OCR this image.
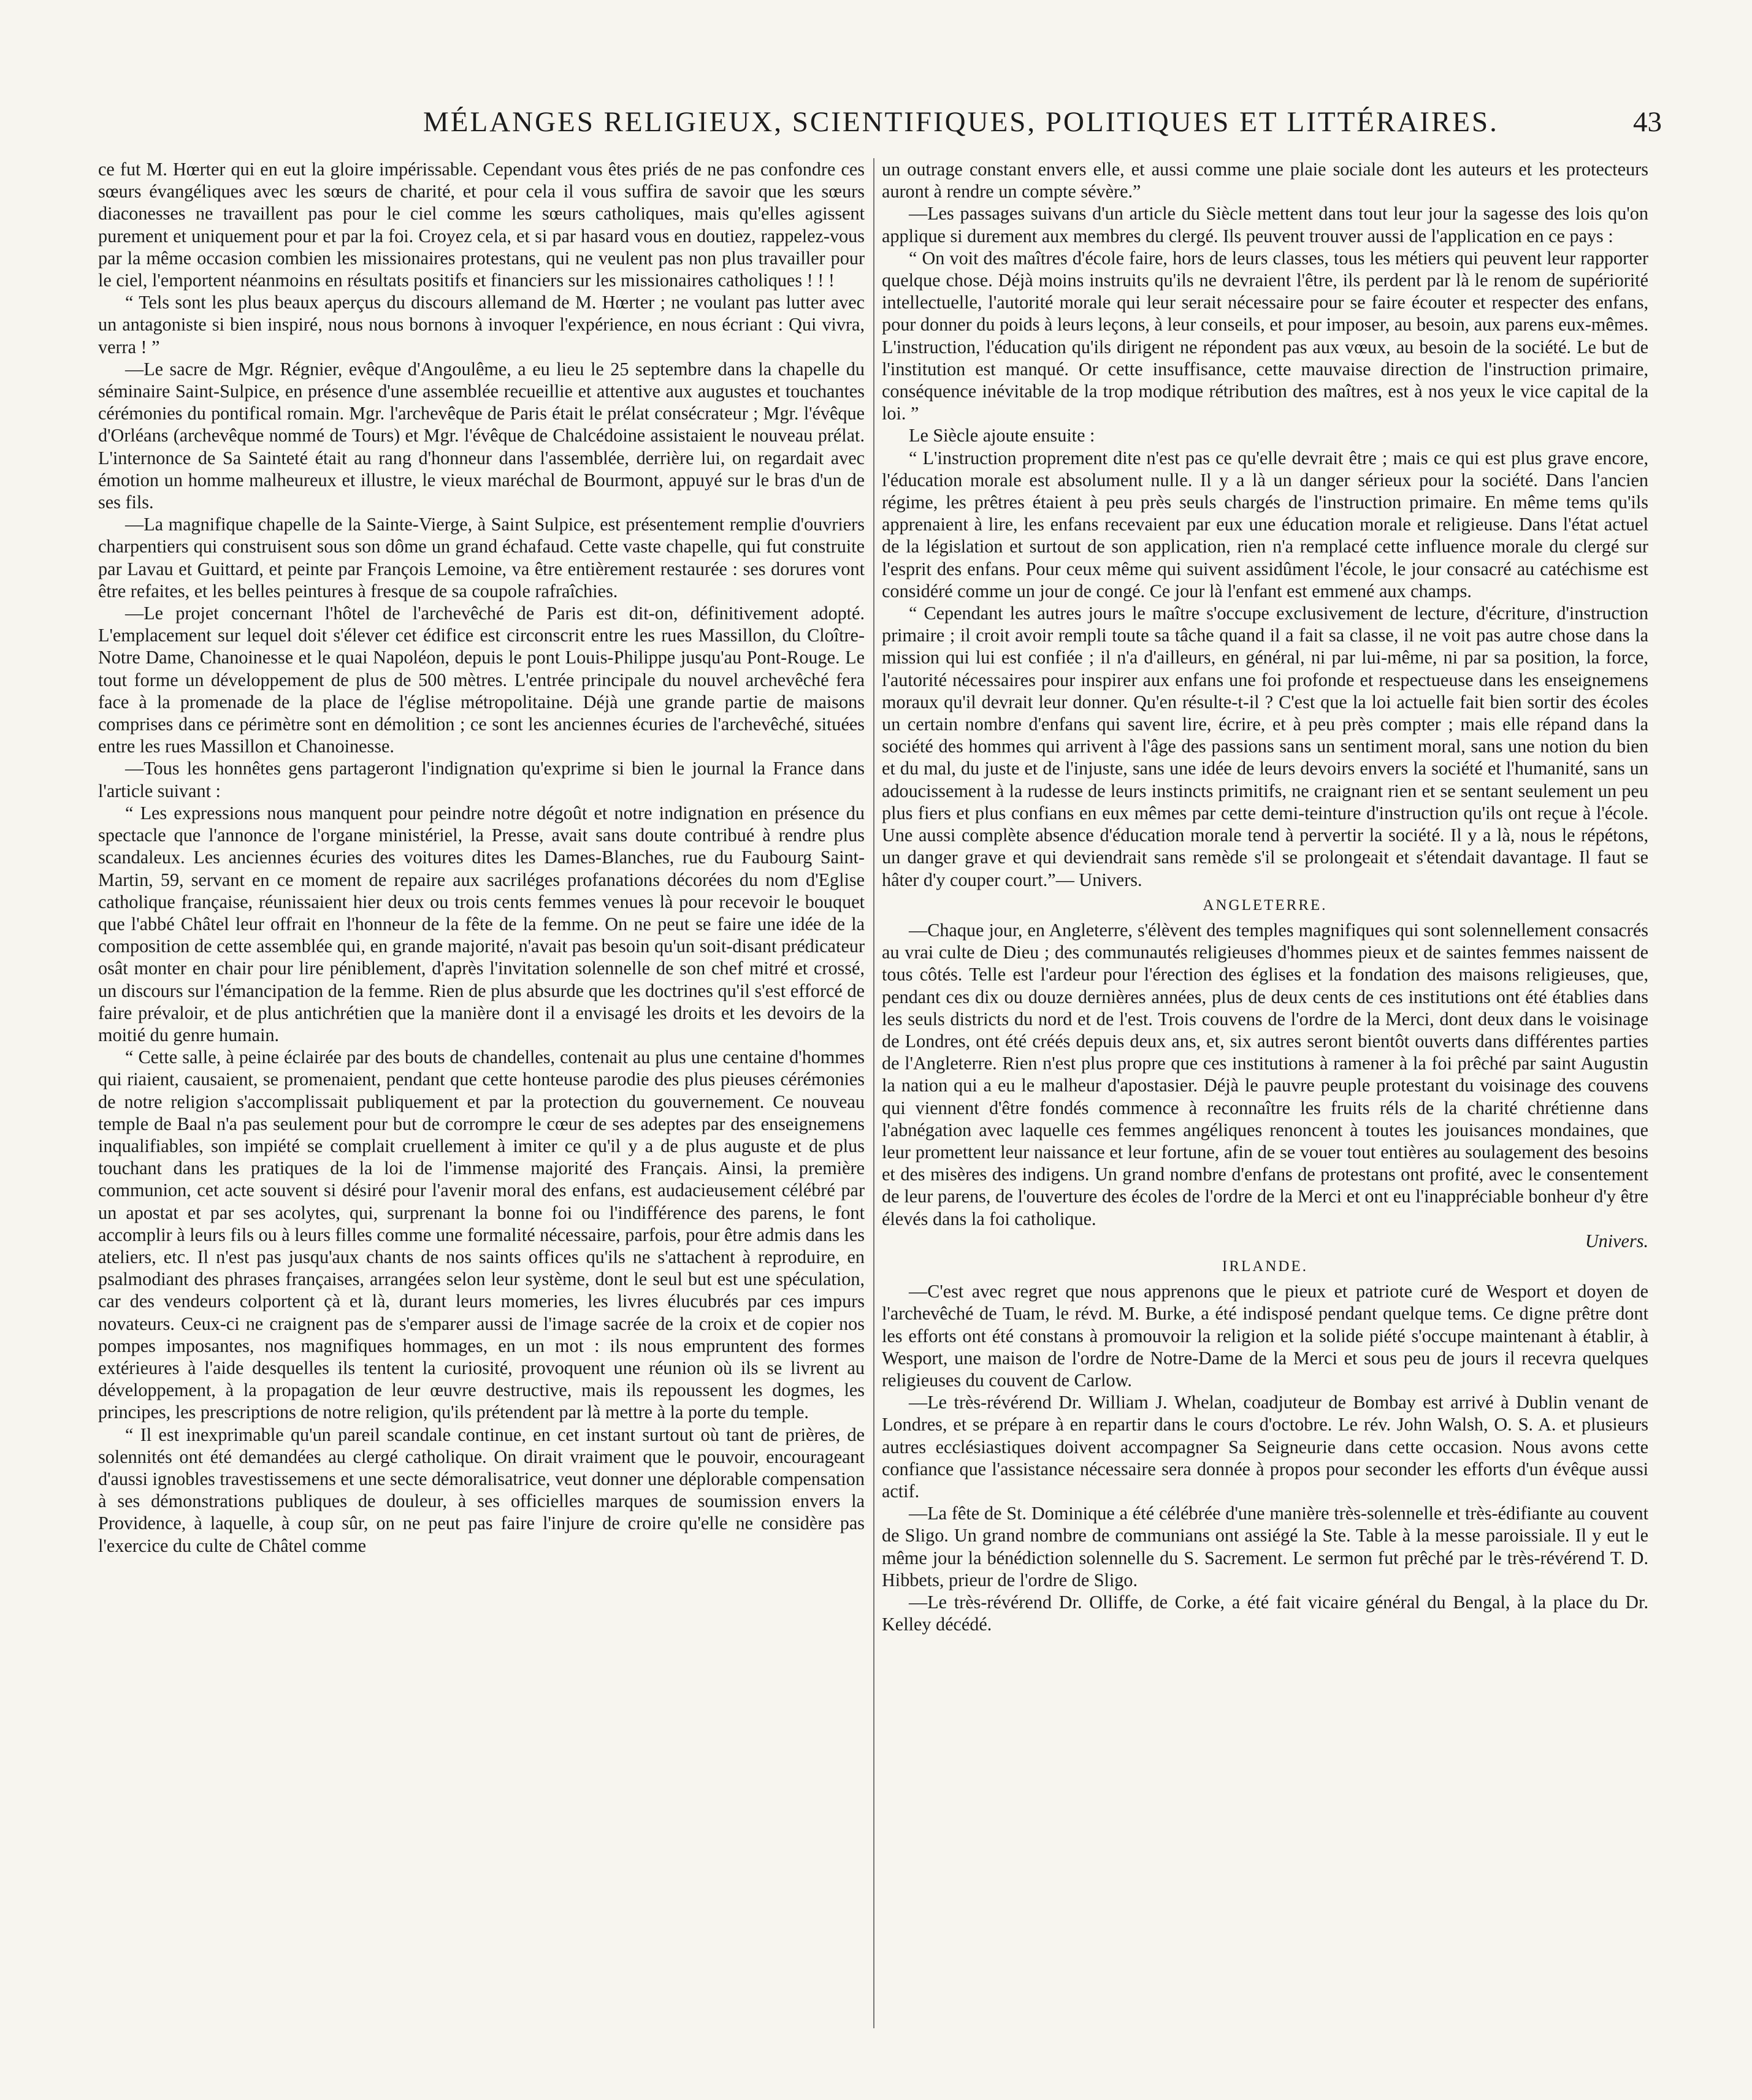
MÉLANGES RELIGIEUX, SCIENTIFIQUES, POLITIQUES ET LITTÉRAIRES.	43

ce fut M. Hœrter qui en eut la gloire impérissable. Cependant vous êtes priés de ne pas confondre ces sœurs évangéliques avec les sœurs de charité, et pour cela il vous suffira de savoir que les sœurs diaconesses ne travaillent pas pour le ciel comme les sœurs catholiques, mais qu'elles agissent purement et uniquement pour et par la foi. Croyez cela, et si par hasard vous en doutiez, rappelez-vous par la même occasion combien les missionaires protestans, qui ne veulent pas non plus travailler pour le ciel, l'emportent néanmoins en résultats positifs et financiers sur les missionaires catholiques ! ! !

“ Tels sont les plus beaux aperçus du discours allemand de M. Hœrter ; ne voulant pas lutter avec un antagoniste si bien inspiré, nous nous bornons à invoquer l'expérience, en nous écriant : Qui vivra, verra ! ”

—Le sacre de Mgr. Régnier, evêque d'Angoulême, a eu lieu le 25 septembre dans la chapelle du séminaire Saint-Sulpice, en présence d'une assemblée recueillie et attentive aux augustes et touchantes cérémonies du pontifical romain. Mgr. l'archevêque de Paris était le prélat consécrateur ; Mgr. l'évêque d'Orléans (archevêque nommé de Tours) et Mgr. l'évêque de Chalcédoine assistaient le nouveau prélat. L'internonce de Sa Sainteté était au rang d'honneur dans l'assemblée, derrière lui, on regardait avec émotion un homme malheureux et illustre, le vieux maréchal de Bourmont, appuyé sur le bras d'un de ses fils.

—La magnifique chapelle de la Sainte-Vierge, à Saint Sulpice, est présentement remplie d'ouvriers charpentiers qui construisent sous son dôme un grand échafaud. Cette vaste chapelle, qui fut construite par Lavau et Guittard, et peinte par François Lemoine, va être entièrement restaurée : ses dorures vont être refaites, et les belles peintures à fresque de sa coupole rafraîchies.

—Le projet concernant l'hôtel de l'archevêché de Paris est dit-on, définitivement adopté. L'emplacement sur lequel doit s'élever cet édifice est circonscrit entre les rues Massillon, du Cloître-Notre Dame, Chanoinesse et le quai Napoléon, depuis le pont Louis-Philippe jusqu'au Pont-Rouge. Le tout forme un développement de plus de 500 mètres. L'entrée principale du nouvel archevêché fera face à la promenade de la place de l'église métropolitaine. Déjà une grande partie de maisons comprises dans ce périmètre sont en démolition ; ce sont les anciennes écuries de l'archevêché, situées entre les rues Massillon et Chanoinesse.

—Tous les honnêtes gens partageront l'indignation qu'exprime si bien le journal la France dans l'article suivant :

“ Les expressions nous manquent pour peindre notre dégoût et notre indignation en présence du spectacle que l'annonce de l'organe ministériel, la Presse, avait sans doute contribué à rendre plus scandaleux. Les anciennes écuries des voitures dites les Dames-Blanches, rue du Faubourg Saint-Martin, 59, servant en ce moment de repaire aux sacriléges profanations décorées du nom d'Eglise catholique française, réunissaient hier deux ou trois cents femmes venues là pour recevoir le bouquet que l'abbé Châtel leur offrait en l'honneur de la fête de la femme. On ne peut se faire une idée de la composition de cette assemblée qui, en grande majorité, n'avait pas besoin qu'un soit-disant prédicateur osât monter en chair pour lire péniblement, d'après l'invitation solennelle de son chef mitré et crossé, un discours sur l'émancipation de la femme. Rien de plus absurde que les doctrines qu'il s'est efforcé de faire prévaloir, et de plus antichrétien que la manière dont il a envisagé les droits et les devoirs de la moitié du genre humain.

“ Cette salle, à peine éclairée par des bouts de chandelles, contenait au plus une centaine d'hommes qui riaient, causaient, se promenaient, pendant que cette honteuse parodie des plus pieuses cérémonies de notre religion s'accomplissait publiquement et par la protection du gouvernement. Ce nouveau temple de Baal n'a pas seulement pour but de corrompre le cœur de ses adeptes par des enseignemens inqualifiables, son impiété se complait cruellement à imiter ce qu'il y a de plus auguste et de plus touchant dans les pratiques de la loi de l'immense majorité des Français. Ainsi, la première communion, cet acte souvent si désiré pour l'avenir moral des enfans, est audacieusement célébré par un apostat et par ses acolytes, qui, surprenant la bonne foi ou l'indifférence des parens, le font accomplir à leurs fils ou à leurs filles comme une formalité nécessaire, parfois, pour être admis dans les ateliers, etc. Il n'est pas jusqu'aux chants de nos saints offices qu'ils ne s'attachent à reproduire, en psalmodiant des phrases françaises, arrangées selon leur système, dont le seul but est une spéculation, car des vendeurs colportent çà et là, durant leurs momeries, les livres élucubrés par ces impurs novateurs. Ceux-ci ne craignent pas de s'emparer aussi de l'image sacrée de la croix et de copier nos pompes imposantes, nos magnifiques hommages, en un mot : ils nous empruntent des formes extérieures à l'aide desquelles ils tentent la curiosité, provoquent une réunion où ils se livrent au développement, à la propagation de leur œuvre destructive, mais ils repoussent les dogmes, les principes, les prescriptions de notre religion, qu'ils prétendent par là mettre à la porte du temple.

“ Il est inexprimable qu'un pareil scandale continue, en cet instant surtout où tant de prières, de solennités ont été demandées au clergé catholique. On dirait vraiment que le pouvoir, encourageant d'aussi ignobles travestissemens et une secte démoralisatrice, veut donner une déplorable compensation à ses démonstrations publiques de douleur, à ses officielles marques de soumission envers la Providence, à laquelle, à coup sûr, on ne peut pas faire l'injure de croire qu'elle ne considère pas l'exercice du culte de Châtel comme

un outrage constant envers elle, et aussi comme une plaie sociale dont les auteurs et les protecteurs auront à rendre un compte sévère.”

—Les passages suivans d'un article du Siècle mettent dans tout leur jour la sagesse des lois qu'on applique si durement aux membres du clergé. Ils peuvent trouver aussi de l'application en ce pays :

“ On voit des maîtres d'école faire, hors de leurs classes, tous les métiers qui peuvent leur rapporter quelque chose. Déjà moins instruits qu'ils ne devraient l'être, ils perdent par là le renom de supériorité intellectuelle, l'autorité morale qui leur serait nécessaire pour se faire écouter et respecter des enfans, pour donner du poids à leurs leçons, à leur conseils, et pour imposer, au besoin, aux parens eux-mêmes. L'instruction, l'éducation qu'ils dirigent ne répondent pas aux vœux, au besoin de la société. Le but de l'institution est manqué. Or cette insuffisance, cette mauvaise direction de l'instruction primaire, conséquence inévitable de la trop modique rétribution des maîtres, est à nos yeux le vice capital de la loi. ”

Le Siècle ajoute ensuite :

“ L'instruction proprement dite n'est pas ce qu'elle devrait être ; mais ce qui est plus grave encore, l'éducation morale est absolument nulle. Il y a là un danger sérieux pour la société. Dans l'ancien régime, les prêtres étaient à peu près seuls chargés de l'instruction primaire. En même tems qu'ils apprenaient à lire, les enfans recevaient par eux une éducation morale et religieuse. Dans l'état actuel de la législation et surtout de son application, rien n'a remplacé cette influence morale du clergé sur l'esprit des enfans. Pour ceux même qui suivent assidûment l'école, le jour consacré au catéchisme est considéré comme un jour de congé. Ce jour là l'enfant est emmené aux champs.

“ Cependant les autres jours le maître s'occupe exclusivement de lecture, d'écriture, d'instruction primaire ; il croit avoir rempli toute sa tâche quand il a fait sa classe, il ne voit pas autre chose dans la mission qui lui est confiée ; il n'a d'ailleurs, en général, ni par lui-même, ni par sa position, la force, l'autorité nécessaires pour inspirer aux enfans une foi profonde et respectueuse dans les enseignemens moraux qu'il devrait leur donner. Qu'en résulte-t-il ? C'est que la loi actuelle fait bien sortir des écoles un certain nombre d'enfans qui savent lire, écrire, et à peu près compter ; mais elle répand dans la société des hommes qui arrivent à l'âge des passions sans un sentiment moral, sans une notion du bien et du mal, du juste et de l'injuste, sans une idée de leurs devoirs envers la société et l'humanité, sans un adoucissement à la rudesse de leurs instincts primitifs, ne craignant rien et se sentant seulement un peu plus fiers et plus confians en eux mêmes par cette demi-teinture d'instruction qu'ils ont reçue à l'école. Une aussi complète absence d'éducation morale tend à pervertir la société. Il y a là, nous le répétons, un danger grave et qui deviendrait sans remède s'il se prolongeait et s'étendait davantage. Il faut se hâter d'y couper court.”— Univers.

ANGLETERRE.

—Chaque jour, en Angleterre, s'élèvent des temples magnifiques qui sont solennellement consacrés au vrai culte de Dieu ; des communautés religieuses d'hommes pieux et de saintes femmes naissent de tous côtés. Telle est l'ardeur pour l'érection des églises et la fondation des maisons religieuses, que, pendant ces dix ou douze dernières années, plus de deux cents de ces institutions ont été établies dans les seuls districts du nord et de l'est. Trois couvens de l'ordre de la Merci, dont deux dans le voisinage de Londres, ont été créés depuis deux ans, et, six autres seront bientôt ouverts dans différentes parties de l'Angleterre. Rien n'est plus propre que ces institutions à ramener à la foi prêché par saint Augustin la nation qui a eu le malheur d'apostasier. Déjà le pauvre peuple protestant du voisinage des couvens qui viennent d'être fondés commence à reconnaître les fruits réls de la charité chrétienne dans l'abnégation avec laquelle ces femmes angéliques renoncent à toutes les jouisances mondaines, que leur promettent leur naissance et leur fortune, afin de se vouer tout entières au soulagement des besoins et des misères des indigens. Un grand nombre d'enfans de protestans ont profité, avec le consentement de leur parens, de l'ouverture des écoles de l'ordre de la Merci et ont eu l'inappréciable bonheur d'y être élevés dans la foi catholique.

Univers.
IRLANDE.

—C'est avec regret que nous apprenons que le pieux et patriote curé de Wesport et doyen de l'archevêché de Tuam, le révd. M. Burke, a été indisposé pendant quelque tems. Ce digne prêtre dont les efforts ont été constans à promouvoir la religion et la solide piété s'occupe maintenant à établir, à Wesport, une maison de l'ordre de Notre-Dame de la Merci et sous peu de jours il recevra quelques religieuses du couvent de Carlow.

—Le très-révérend Dr. William J. Whelan, coadjuteur de Bombay est arrivé à Dublin venant de Londres, et se prépare à en repartir dans le cours d'octobre. Le rév. John Walsh, O. S. A. et plusieurs autres ecclésiastiques doivent accompagner Sa Seigneurie dans cette occasion. Nous avons cette confiance que l'assistance nécessaire sera donnée à propos pour seconder les efforts d'un évêque aussi actif.

—La fête de St. Dominique a été célébrée d'une manière très-solennelle et très-édifiante au couvent de Sligo. Un grand nombre de communians ont assiégé la Ste. Table à la messe paroissiale. Il y eut le même jour la bénédiction solennelle du S. Sacrement. Le sermon fut prêché par le très-révérend T. D. Hibbets, prieur de l'ordre de Sligo.

—Le très-révérend Dr. Olliffe, de Corke, a été fait vicaire général du Bengal, à la place du Dr. Kelley décédé.
